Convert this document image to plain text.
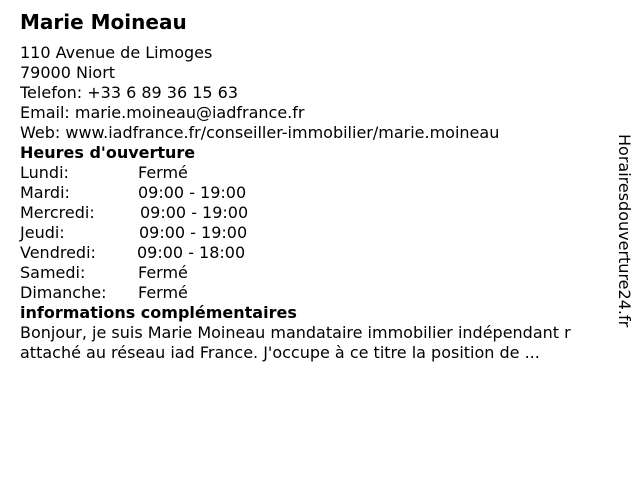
Marie Moineau
110 Avenue de Limoges
79000 Niort
Telefon: +33 6 89 36 15 63
Email: marie.moineau@iadfrance.fr
Web: www.iadfrance.fr/conseiller-immobilier/marie.moineau
Heures d'ouverture
Lundi:	Fermé
Mardi:	09:00 - 19:00
Mercredi:	09:00 - 19:00
Jeudi:	09:00 - 19:00
Vendredi:	09:00 - 18:00
Samedi:	Fermé
Dimanche: Fermé
informations complémentaires
Bonjour, je suis Marie Moineau mandataire immobilier indépendant r
attaché au réseau iad France. J'occupe à ce titre la position de ...
Horairesdouverture24.fr
